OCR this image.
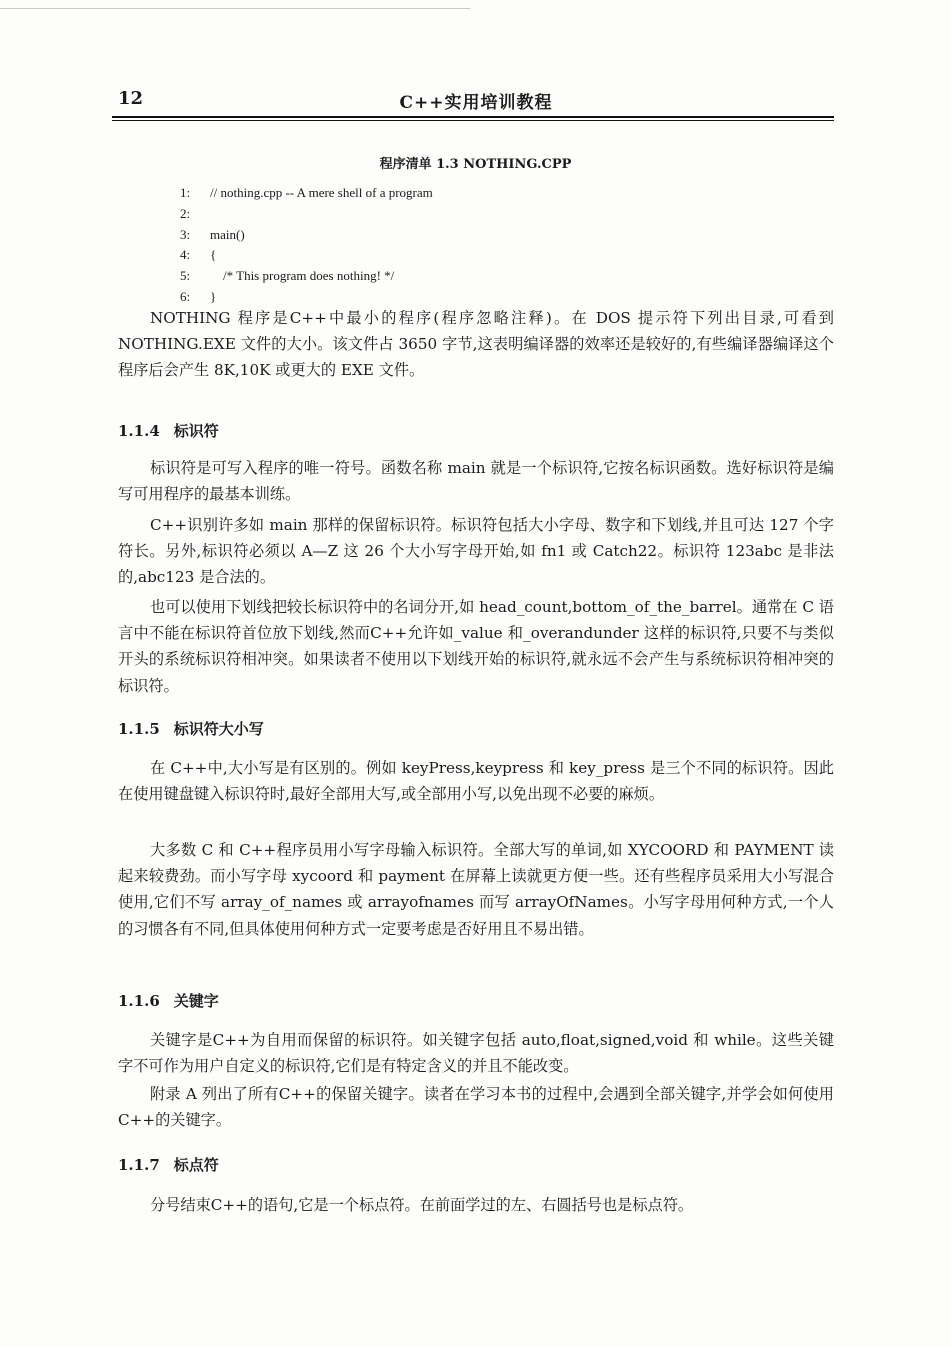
12	C++实用培训教程
程序清单 1.3 NOTHING.CPP
1: // nothing.cpp -- A mere shell of a program
2:
3: main()
4: {
5:    /* This program does nothing! */
6: }

NOTHING 程序是C++中最小的程序(程序忽略注释)。在 DOS 提示符下列出目录,可看到 NOTHING.EXE 文件的大小。该文件占 3650 字节,这表明编译器的效率还是较好的,有些编译器编译这个程序后会产生 8K,10K 或更大的 EXE 文件。

1.1.4 标识符

标识符是可写入程序的唯一符号。函数名称 main 就是一个标识符,它按名标识函数。选好标识符是编写可用程序的最基本训练。

C++识别许多如 main 那样的保留标识符。标识符包括大小字母、数字和下划线,并且可达 127 个字符长。另外,标识符必须以 A—Z 这 26 个大小写字母开始,如 fn1 或 Catch22。标识符 123abc 是非法的,abc123 是合法的。

也可以使用下划线把较长标识符中的名词分开,如 head_count,bottom_of_the_barrel。通常在 C 语言中不能在标识符首位放下划线,然而C++允许如_value 和_overandunder 这样的标识符,只要不与类似开头的系统标识符相冲突。如果读者不使用以下划线开始的标识符,就永远不会产生与系统标识符相冲突的标识符。

1.1.5 标识符大小写

在 C++中,大小写是有区别的。例如 keyPress,keypress 和 key_press 是三个不同的标识符。因此在使用键盘键入标识符时,最好全部用大写,或全部用小写,以免出现不必要的麻烦。

大多数 C 和 C++程序员用小写字母输入标识符。全部大写的单词,如 XYCOORD 和 PAYMENT 读起来较费劲。而小写字母 xycoord 和 payment 在屏幕上读就更方便一些。还有些程序员采用大小写混合使用,它们不写 array_of_names 或 arrayofnames 而写 arrayOfNames。小写字母用何种方式,一个人的习惯各有不同,但具体使用何种方式一定要考虑是否好用且不易出错。

1.1.6 关键字

关键字是C++为自用而保留的标识符。如关键字包括 auto,float,signed,void 和 while。这些关键字不可作为用户自定义的标识符,它们是有特定含义的并且不能改变。

附录 A 列出了所有C++的保留关键字。读者在学习本书的过程中,会遇到全部关键字,并学会如何使用C++的关键字。

1.1.7 标点符

分号结束C++的语句,它是一个标点符。在前面学过的左、右圆括号也是标点符。
